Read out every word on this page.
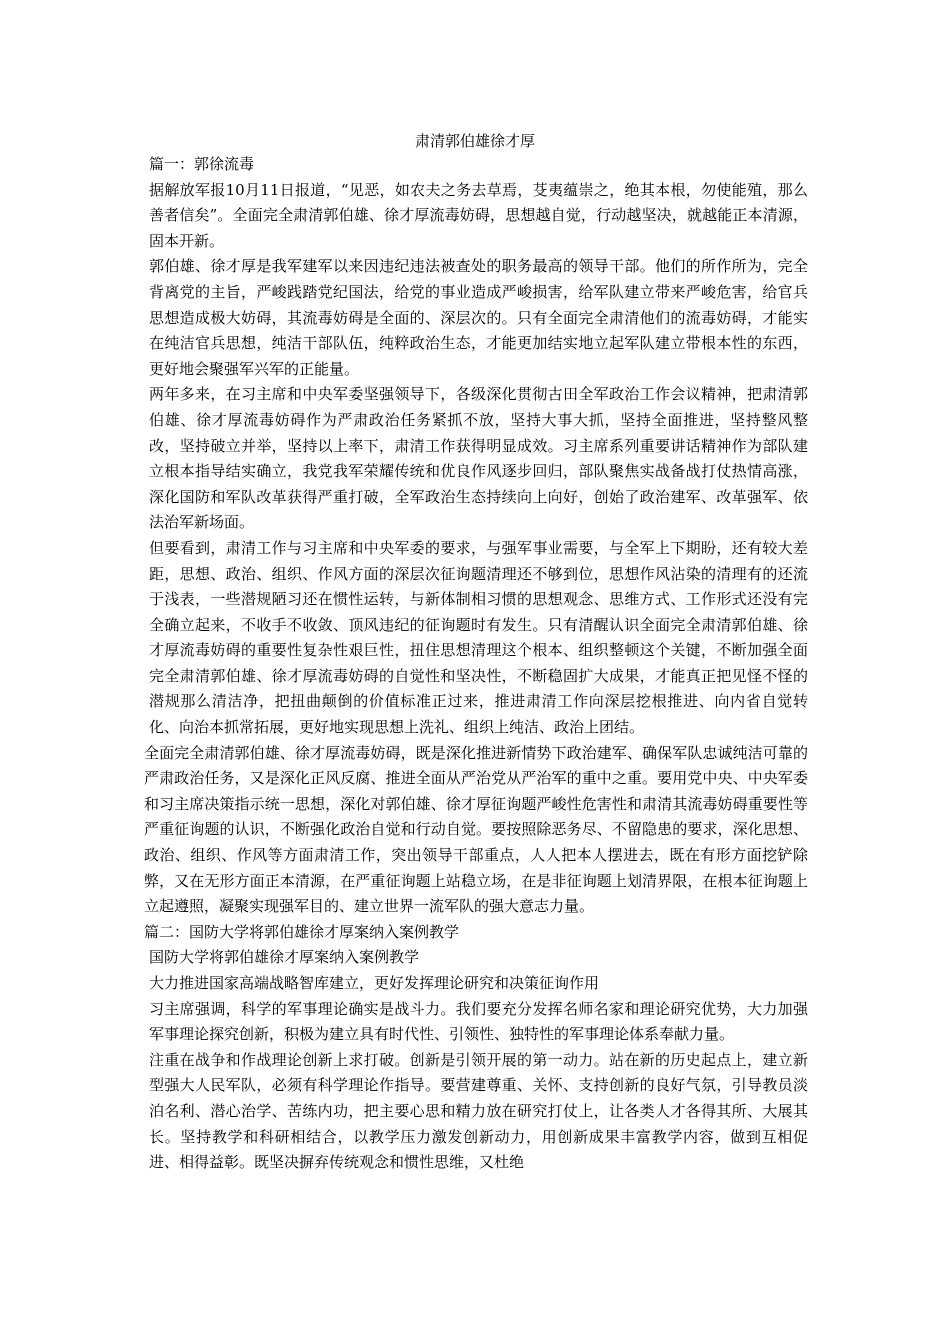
肃清郭伯雄徐才厚

篇一：郭徐流毒

据解放军报10月11日报道，“见恶，如农夫之务去草焉，芟夷蕴崇之，绝其本根，勿使能殖，那么善者信矣”。全面完全肃清郭伯雄、徐才厚流毒妨碍，思想越自觉，行动越坚决，就越能正本清源，固本开新。

郭伯雄、徐才厚是我军建军以来因违纪违法被查处的职务最高的领导干部。他们的所作所为，完全背离党的主旨，严峻践踏党纪国法，给党的事业造成严峻损害，给军队建立带来严峻危害，给官兵思想造成极大妨碍，其流毒妨碍是全面的、深层次的。只有全面完全肃清他们的流毒妨碍，才能实在纯洁官兵思想，纯洁干部队伍，纯粹政治生态，才能更加结实地立起军队建立带根本性的东西，更好地会聚强军兴军的正能量。

两年多来，在习主席和中央军委坚强领导下，各级深化贯彻古田全军政治工作会议精神，把肃清郭伯雄、徐才厚流毒妨碍作为严肃政治任务紧抓不放，坚持大事大抓，坚持全面推进，坚持整风整改，坚持破立并举，坚持以上率下，肃清工作获得明显成效。习主席系列重要讲话精神作为部队建立根本指导结实确立，我党我军荣耀传统和优良作风逐步回归，部队聚焦实战备战打仗热情高涨，深化国防和军队改革获得严重打破，全军政治生态持续向上向好，创始了政治建军、改革强军、依法治军新场面。

但要看到，肃清工作与习主席和中央军委的要求，与强军事业需要，与全军上下期盼，还有较大差距，思想、政治、组织、作风方面的深层次征询题清理还不够到位，思想作风沾染的清理有的还流于浅表，一些潜规陋习还在惯性运转，与新体制相习惯的思想观念、思维方式、工作形式还没有完全确立起来，不收手不收敛、顶风违纪的征询题时有发生。只有清醒认识全面完全肃清郭伯雄、徐才厚流毒妨碍的重要性复杂性艰巨性，扭住思想清理这个根本、组织整顿这个关键，不断加强全面完全肃清郭伯雄、徐才厚流毒妨碍的自觉性和坚决性，不断稳固扩大成果，才能真正把见怪不怪的潜规那么清洁净，把扭曲颠倒的价值标准正过来，推进肃清工作向深层挖根推进、向内省自觉转化、向治本抓常拓展，更好地实现思想上洗礼、组织上纯洁、政治上团结。

全面完全肃清郭伯雄、徐才厚流毒妨碍，既是深化推进新情势下政治建军、确保军队忠诚纯洁可靠的严肃政治任务，又是深化正风反腐、推进全面从严治党从严治军的重中之重。要用党中央、中央军委和习主席决策指示统一思想，深化对郭伯雄、徐才厚征询题严峻性危害性和肃清其流毒妨碍重要性等严重征询题的认识，不断强化政治自觉和行动自觉。要按照除恶务尽、不留隐患的要求，深化思想、政治、组织、作风等方面肃清工作，突出领导干部重点，人人把本人摆进去，既在有形方面挖铲除弊，又在无形方面正本清源，在严重征询题上站稳立场，在是非征询题上划清界限，在根本征询题上立起遵照，凝聚实现强军目的、建立世界一流军队的强大意志力量。

篇二：国防大学将郭伯雄徐才厚案纳入案例教学

国防大学将郭伯雄徐才厚案纳入案例教学

大力推进国家高端战略智库建立，更好发挥理论研究和决策征询作用

习主席强调，科学的军事理论确实是战斗力。我们要充分发挥名师名家和理论研究优势，大力加强军事理论探究创新，积极为建立具有时代性、引领性、独特性的军事理论体系奉献力量。

注重在战争和作战理论创新上求打破。创新是引领开展的第一动力。站在新的历史起点上，建立新型强大人民军队，必须有科学理论作指导。要营建尊重、关怀、支持创新的良好气氛，引导教员淡泊名利、潜心治学、苦练内功，把主要心思和精力放在研究打仗上，让各类人才各得其所、大展其长。坚持教学和科研相结合，以教学压力激发创新动力，用创新成果丰富教学内容，做到互相促进、相得益彰。既坚决摒弃传统观念和惯性思维，又杜绝
